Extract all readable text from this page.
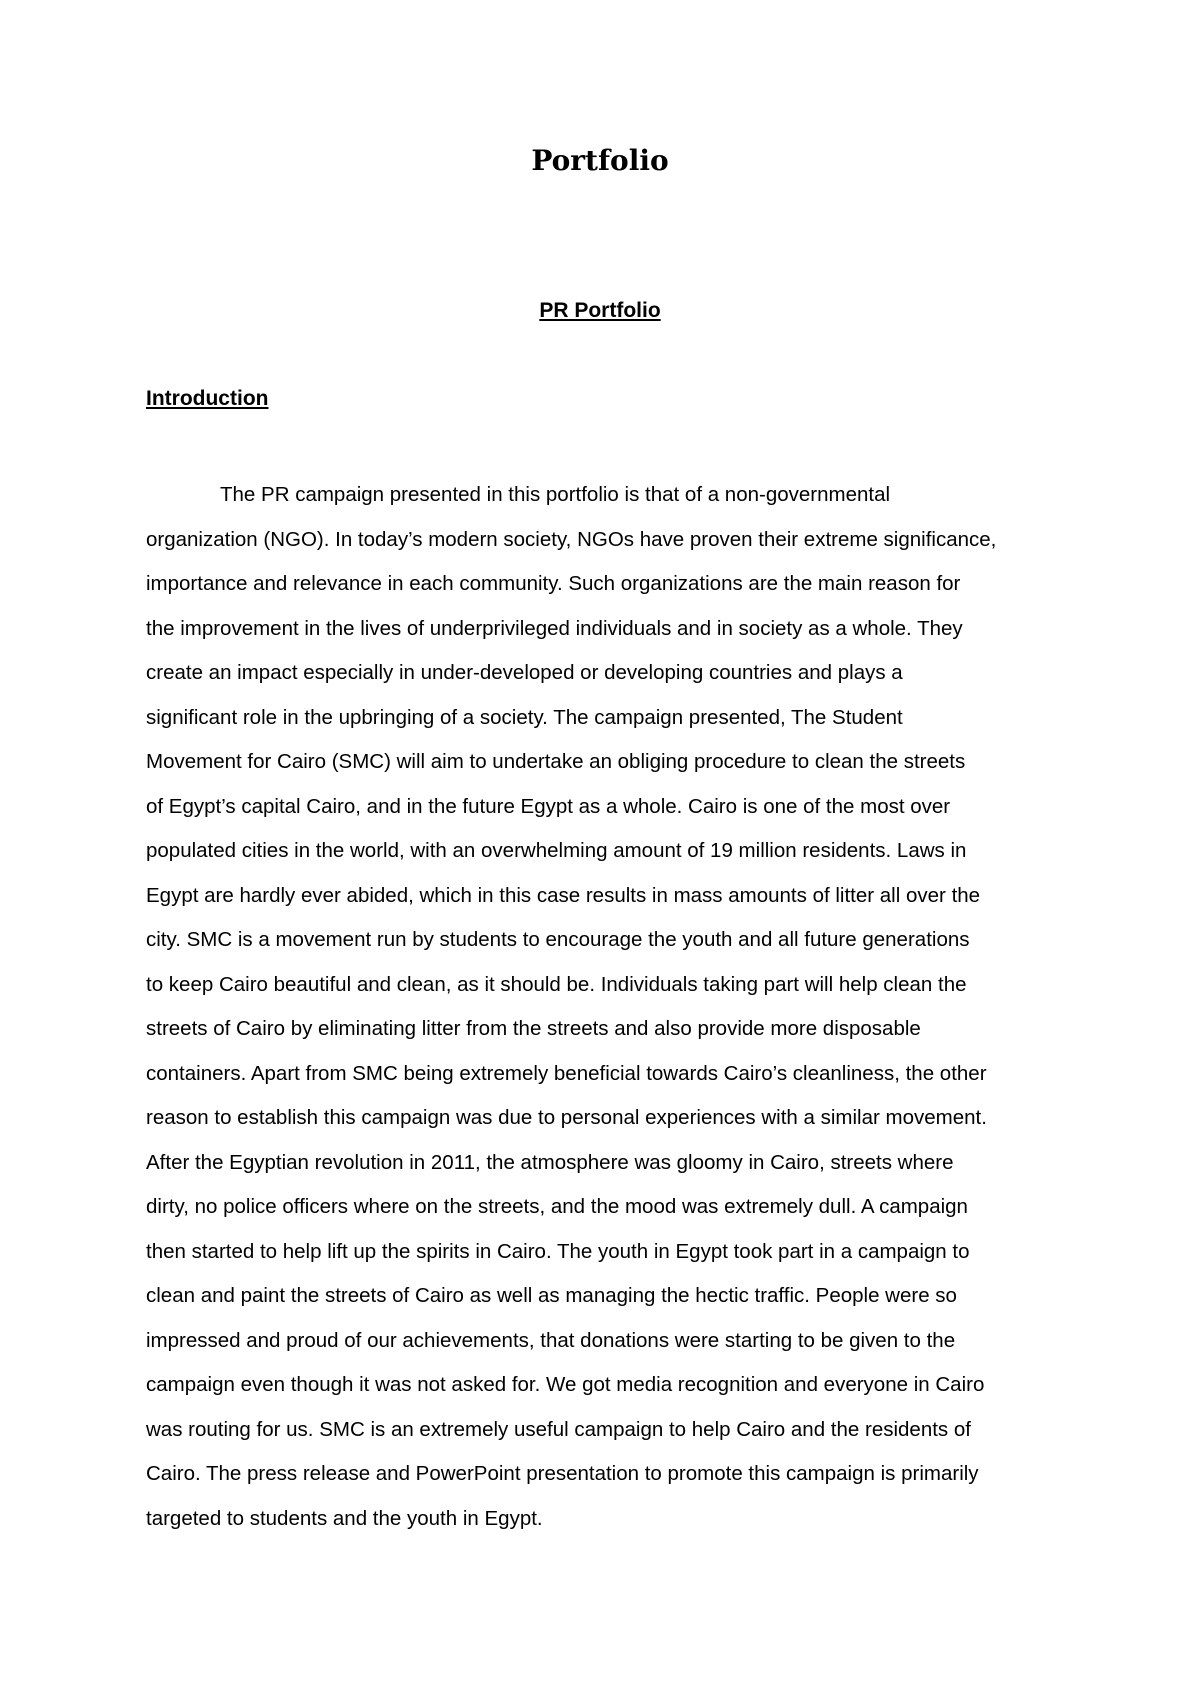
Portfolio
PR Portfolio
Introduction
The PR campaign presented in this portfolio is that of a non-governmental
organization (NGO). In today’s modern society, NGOs have proven their extreme significance,
importance and relevance in each community. Such organizations are the main reason for
the improvement in the lives of underprivileged individuals and in society as a whole. They
create an impact especially in under-developed or developing countries and plays a
significant role in the upbringing of a society. The campaign presented, The Student
Movement for Cairo (SMC) will aim to undertake an obliging procedure to clean the streets
of Egypt’s capital Cairo, and in the future Egypt as a whole. Cairo is one of the most over
populated cities in the world, with an overwhelming amount of 19 million residents. Laws in
Egypt are hardly ever abided, which in this case results in mass amounts of litter all over the
city. SMC is a movement run by students to encourage the youth and all future generations
to keep Cairo beautiful and clean, as it should be. Individuals taking part will help clean the
streets of Cairo by eliminating litter from the streets and also provide more disposable
containers. Apart from SMC being extremely beneficial towards Cairo’s cleanliness, the other
reason to establish this campaign was due to personal experiences with a similar movement.
After the Egyptian revolution in 2011, the atmosphere was gloomy in Cairo, streets where
dirty, no police officers where on the streets, and the mood was extremely dull. A campaign
then started to help lift up the spirits in Cairo. The youth in Egypt took part in a campaign to
clean and paint the streets of Cairo as well as managing the hectic traffic. People were so
impressed and proud of our achievements, that donations were starting to be given to the
campaign even though it was not asked for. We got media recognition and everyone in Cairo
was routing for us. SMC is an extremely useful campaign to help Cairo and the residents of
Cairo. The press release and PowerPoint presentation to promote this campaign is primarily
targeted to students and the youth in Egypt.
